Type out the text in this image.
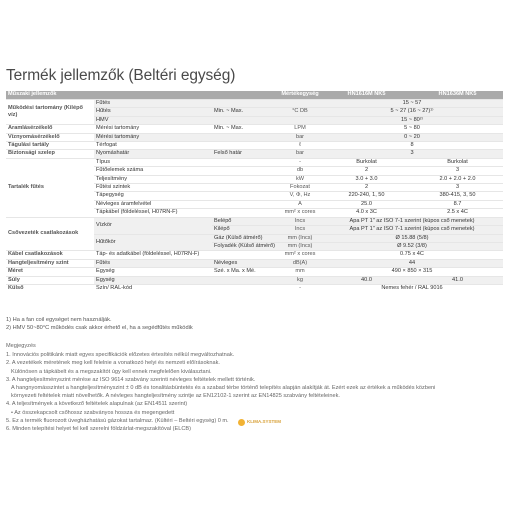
Termék jellemzők (Beltéri egység)
Műszaki jellemzők			Mértékegység	HN1616M NK5	HN1636M NK5
Működési tartomány (Kilépő víz)	Fűtés			15 ~ 57	
	Hűtés	Min. ~ Max.	°C DB	5 ~ 27 (16 ~ 27)¹⁾	
	HMV			15 ~ 80²⁾	
Áramlásérzékelő	Mérési tartomány	Min. ~ Max.	LPM	5 ~ 80	
Víznyomásérzékelő	Mérési tartomány		bar	0 ~ 20	
Tágulási tartály	Térfogat		ℓ	8	
Biztonsági szelep	Nyomáshatár	Felső határ	bar	3	
Tartalék fűtés	Típus		-	Burkolat	Burkolat
	Fűtőelemek száma		db	2	3
	Teljesítmény		kW	3.0 + 3.0	2.0 + 2.0 + 2.0
	Fűtési szintek		Fokozat	2	3
	Tápegység		V, Φ, Hz	220-240, 1, 50	380-415, 3, 50
	Névleges áramfelvétel		A	25.0	8.7
	Tápkábel (földeléssel, H07RN-F)		mm² x cores	4.0 x 3C	2.5 x 4C
Csővezeték csatlakozások	Vízkör	Belépő	Incs	Apa PT 1" az ISO 7-1 szerint (kúpos cső menetek)	
		Kilépő	Incs	Apa PT 1" az ISO 7-1 szerint (kúpos cső menetek)	
	Hűtőkör	Gáz (Külső átmérő)	mm (Incs)	Ø 15.88 (5/8)	
		Folyadék (Külső átmérő)	mm (Incs)	Ø 9.52 (3/8)	
Kábel csatlakozások	Táp- és adatkábel (földeléssel, H07RN-F)		mm² x cores	0.75 x 4C	
Hangteljesítmény szint	Fűtés	Névleges	dB(A)	44	
Méret	Egység	Szé. x Ma. x Mé.	mm	490 × 850 × 315	
Súly	Egység		kg	40.0	41.0
Külső	Szín/ RAL-kód		-	Nemes fehér / RAL 9016	
1) Ha a fan coil egységet nem használják.
2) HMV 50~80°C működés csak akkor érhető el, ha a segédfűtés működik
Megjegyzés
1. Innovációs politikánk miatt egyes specifikációk előzetes értesítés nélkül megváltozhatnak.
2. A vezetékek méretének meg kell felelnie a vonatkozó helyi és nemzeti előírásoknak.
Különösen a tápkábelt és a megszakítót úgy kell ennek megfelelően kiválasztani.
3. A hangteljesítményszint mérése az ISO 9614 szabvány szerinti névleges feltételek mellett történik.
A hangnyomásszintet a hangteljesítményszint ± 0 dB és tonalitásbüntetés és a szabad térbe történő telepítés alapján alakítják át. Ezért ezek az értékek a működés közbeni
környezeti feltételek miatt növelhetők. A névleges hangteljesítmény szintje az EN12102-1 szerint az EN14825 szabvány feltételeinek.
4. A teljesítmények a következő feltételek alapulnak (az EN14511 szerint)
• Az összekapcsolt csőhossz szabványos hossza és megengedett
5. Ez a termék fluorozott üvegházhatású gázokat tartalmaz. (Kültéri – Beltéri egység) 0 m.
6. Minden telepítési helyet fel kell szerelni földzárlat-megszakítóval (ELCB)
KLIMA.SYSTEM
